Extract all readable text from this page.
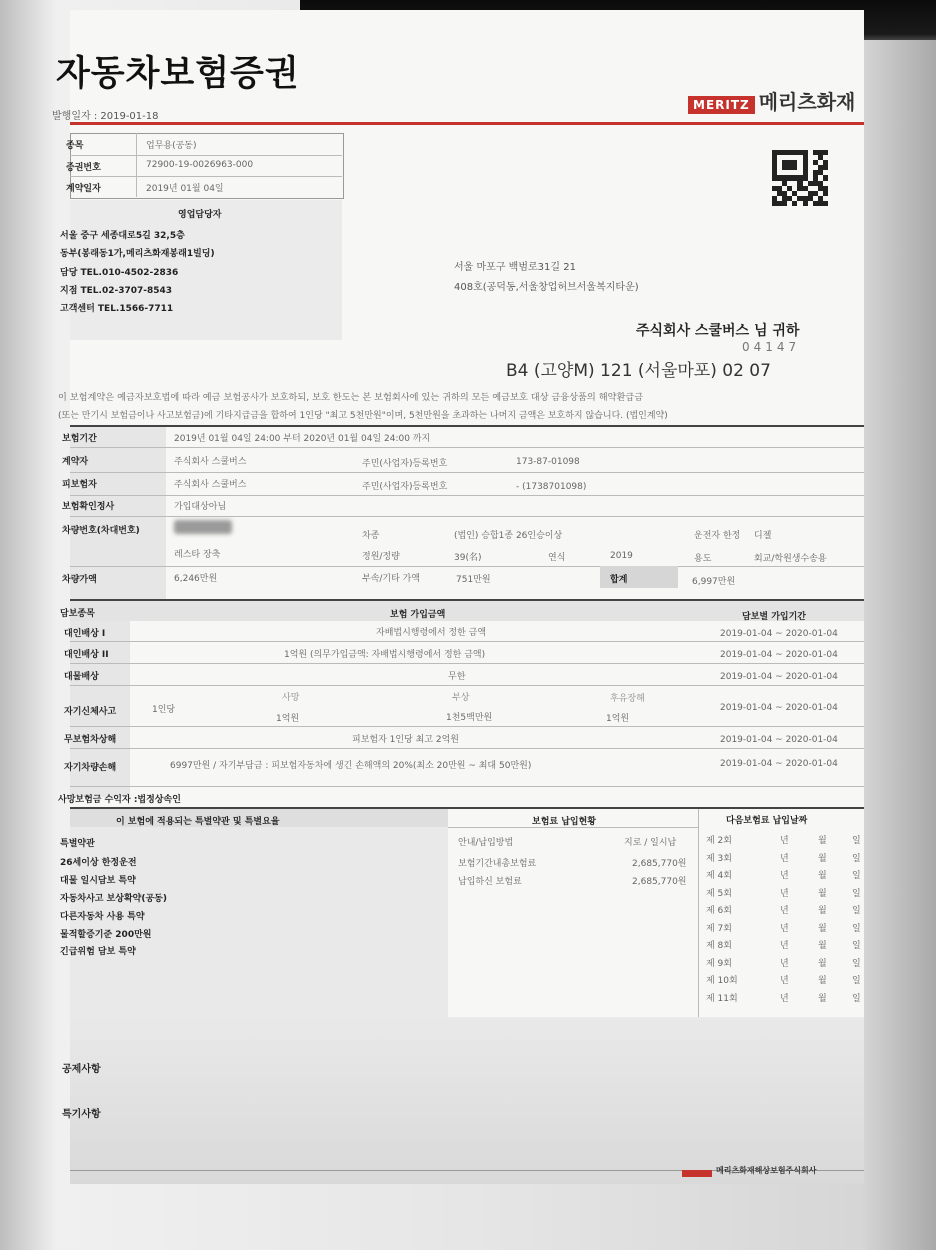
자동차보험증권
발행일자 : 2019-01-18
MERITZ 메리츠화재
종목	업무용(공동)
증권번호	72900-19-0026963-000
계약일자	2019년 01월 04일
영업담당자
서울 중구 세종대로5길 32,5층
동부(봉래동1가,메리츠화재봉래1빌딩)
담당 TEL.010-4502-2836
지점 TEL.02-3707-8543
고객센터 TEL.1566-7711
서울 마포구 백범로31길 21
408호(공덕동,서울창업허브서울복지타운)
주식회사 스쿨버스 님 귀하
04147
B4 (고양M) 121 (서울마포) 02 07
이 보험계약은 예금자보호법에 따라 예금 보험공사가 보호하되, 보호 한도는 본 보험회사에 있는 귀하의 모든 예금보호 대상 금융상품의 해약환급금
(또는 만기시 보험금이나 사고보험금)에 기타지급금을 합하여 1인당 "최고 5천만원"이며, 5천만원을 초과하는 나머지 금액은 보호하지 않습니다. (법인계약)
보험기간	2019년 01월 04일 24:00 부터 2020년 01월 04일 24:00 까지
계약자	주식회사 스쿨버스	주민(사업자)등록번호	173-87-01098
피보험자	주식회사 스쿨버스	주민(사업자)등록번호	- (1738701098)
보험확인정사	가입대상아님
차량번호(차대번호)	차종	(법인) 승합1종 26인승이상	운전자 한정 디젤
레스타 장축	정원/정량	39(名)	연식	2019	용도	회교/학원생수송용
차량가액	6,246만원	부속/기타 가액	751만원	합계	6,997만원
담보종목	보험 가입금액	담보별 가입기간
대인배상 I	자배법시행령에서 정한 금액	2019-01-04 ~ 2020-01-04
대인배상 II	1억원 (의무가입금액: 자배법시행령에서 정한 금액)	2019-01-04 ~ 2020-01-04
대물배상	무한	2019-01-04 ~ 2020-01-04
자기신체사고	1인당
사망	부상	후유장해
1억원	1천5백만원	1억원
2019-01-04 ~ 2020-01-04
무보험차상해	피보험자 1인당 최고 2억원	2019-01-04 ~ 2020-01-04
자기차량손해	6997만원 / 자기부담금 : 피보험자동차에 생긴 손해액의 20%(최소 20만원 ~ 최대 50만원)	2019-01-04 ~ 2020-01-04
사망보험금 수익자 :법정상속인
이 보험에 적용되는 특별약관 및 특별요율
특별약관
26세이상 한정운전
대물 일시담보 특약
자동차사고 보상확약(공동)
다른자동차 사용 특약
물적할증기준 200만원
긴급위험 담보 특약
보험료 납입현황
안내/납입방법	지로 / 일시납
보험기간내총보험료	2,685,770원
납입하신 보험료	2,685,770원
다음보험료 납입날짜
제 2회	년	월	일
제 3회	년	월	일
제 4회	년	월	일
제 5회	년	월	일
제 6회	년	월	일
제 7회	년	월	일
제 8회	년	월	일
제 9회	년	월	일
제 10회	년	월	일
제 11회	년	월	일
공제사항
특기사항
메리츠화재해상보험주식회사
